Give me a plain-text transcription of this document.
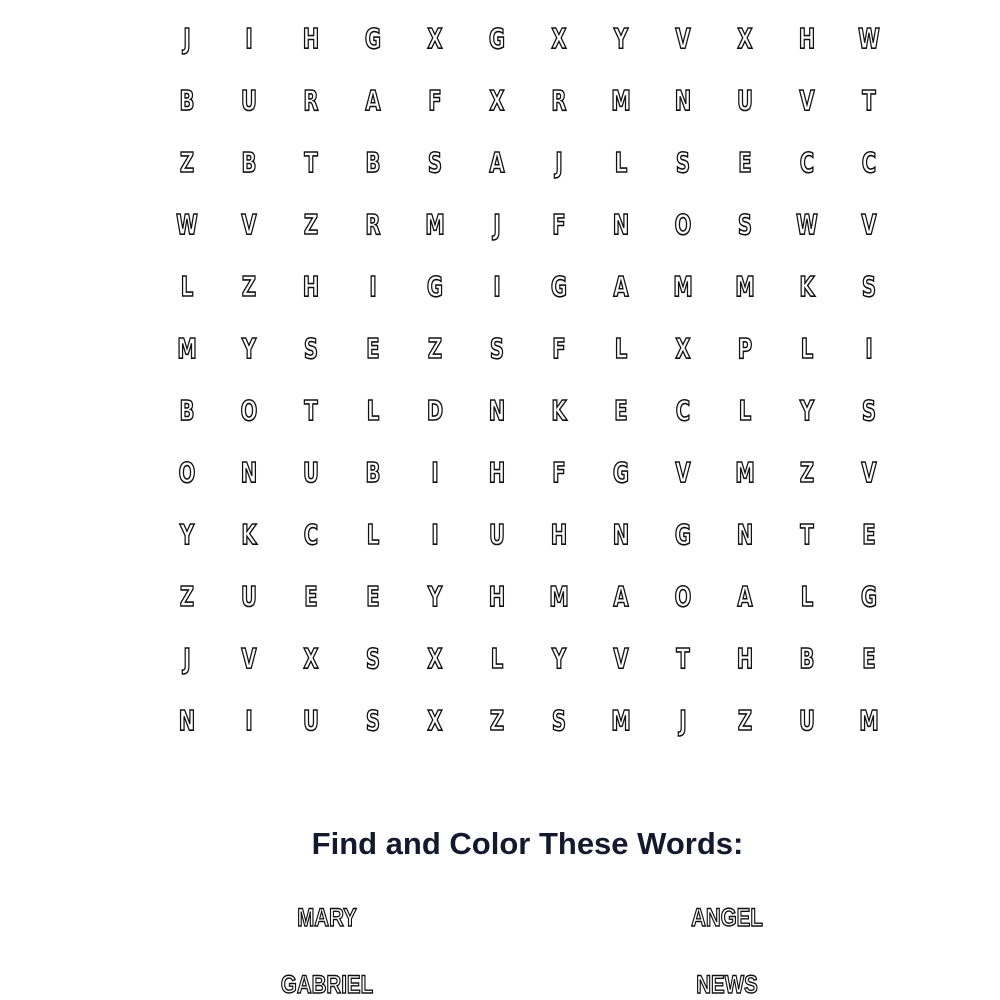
J	I	H	G	X	G	X	Y	V	X	H	W
B	U	R	A	F	X	R	M	N	U	V	T
Z	B	T	B	S	A	J	L	S	E	C	C
W	V	Z	R	M	J	F	N	O	S	W	V
L	Z	H	I	G	I	G	A	M	M	K	S
M	Y	S	E	Z	S	F	L	X	P	L	I
B	O	T	L	D	N	K	E	C	L	Y	S
O	N	U	B	I	H	F	G	V	M	Z	V
Y	K	C	L	I	U	H	N	G	N	T	E
Z	U	E	E	Y	H	M	A	O	A	L	G
J	V	X	S	X	L	Y	V	T	H	B	E
N	I	U	S	X	Z	S	M	J	Z	U	M
Find and Color These Words:
MARY	ANGEL
GABRIEL	NEWS
